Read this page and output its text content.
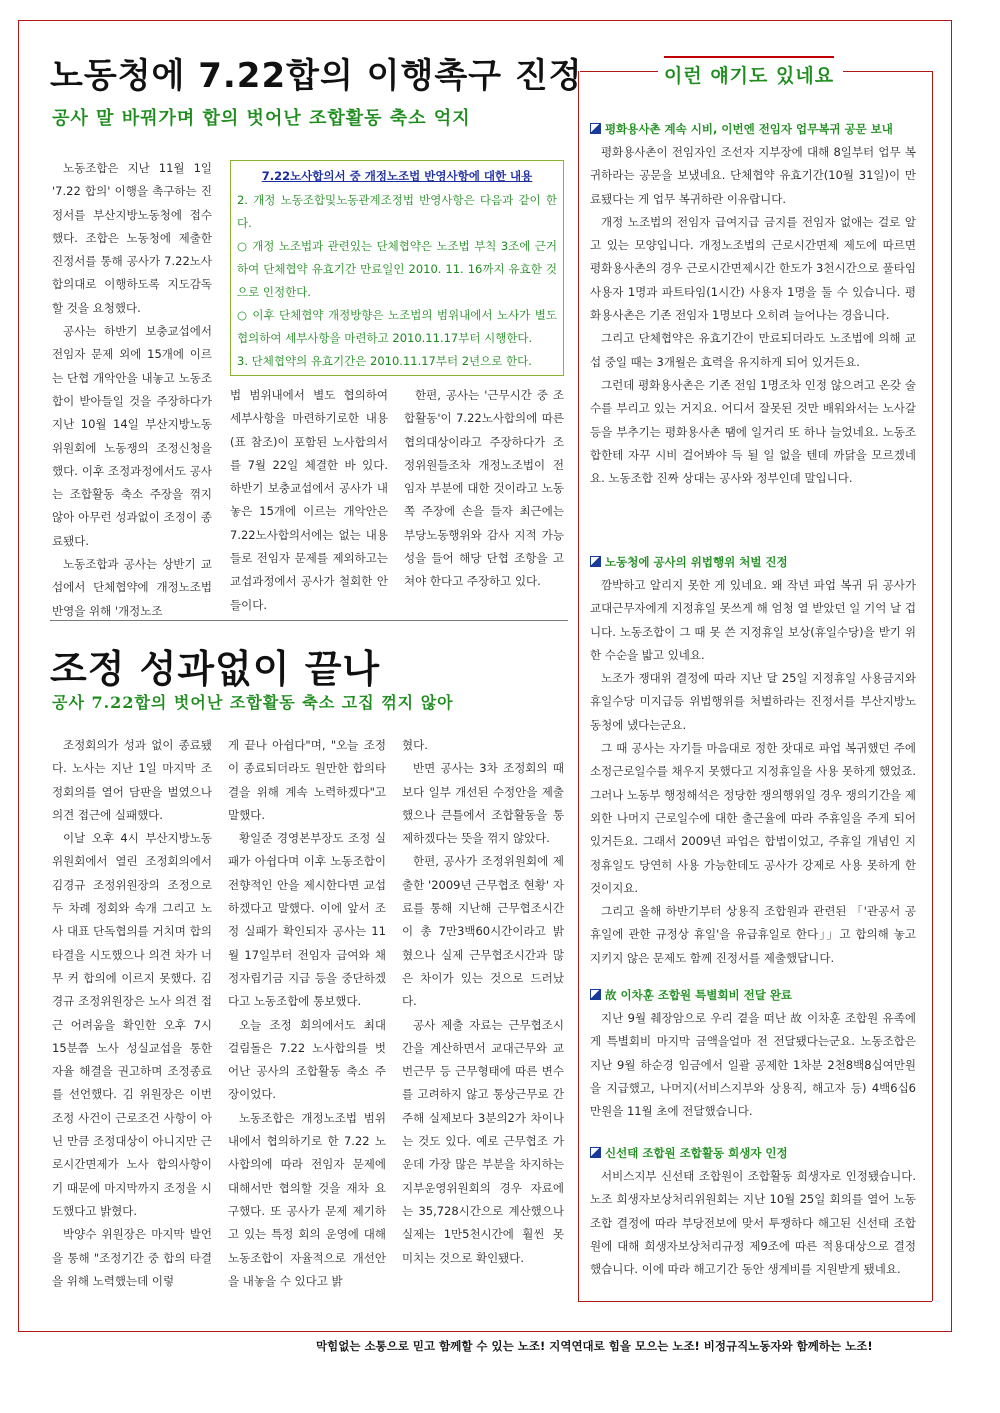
노동청에 7.22합의 이행촉구 진정
공사 말 바꿔가며 합의 벗어난 조합활동 축소 억지

노동조합은 지난 11월 1일 '7.22 합의' 이행을 촉구하는 진정서를 부산지방노동청에 접수했다. 조합은 노동청에 제출한 진정서를 통해 공사가 7.22노사합의대로 이행하도록 지도감독할 것을 요청했다.

공사는 하반기 보충교섭에서 전임자 문제 외에 15개에 이르는 단협 개악안을 내놓고 노동조합이 받아들일 것을 주장하다가 지난 10월 14일 부산지방노동위원회에 노동쟁의 조정신청을 했다. 이후 조정과정에서도 공사는 조합활동 축소 주장을 꺾지 않아 아무런 성과없이 조정이 종료됐다.

노동조합과 공사는 상반기 교섭에서 단체협약에 개정노조법 반영을 위해 '개정노조

7.22노사합의서 중 개정노조법 반영사항에 대한 내용

2. 개정 노동조합및노동관계조정법 반영사항은 다음과 같이 한다.

○ 개정 노조법과 관련있는 단체협약은 노조법 부칙 3조에 근거하여 단체협약 유효기간 만료일인 2010. 11. 16까지 유효한 것으로 인정한다.

○ 이후 단체협약 개정방향은 노조법의 범위내에서 노사가 별도 협의하여 세부사항을 마련하고 2010.11.17부터 시행한다.

3. 단체협약의 유효기간은 2010.11.17부터 2년으로 한다.

법 범위내에서 별도 협의하여 세부사항을 마련하기로한 내용(표 참조)이 포함된 노사합의서를 7월 22일 체결한 바 있다. 하반기 보충교섭에서 공사가 내놓은 15개에 이르는 개악안은 7.22노사합의서에는 없는 내용들로 전임자 문제를 제외하고는 교섭과정에서 공사가 철회한 안들이다.

한편, 공사는 '근무시간 중 조합활동'이 7.22노사합의에 따른 협의대상이라고 주장하다가 조정위원들조차 개정노조법이 전임자 부분에 대한 것이라고 노동쪽 주장에 손을 들자 최근에는 부당노동행위와 감사 지적 가능성을 들어 해당 단협 조항을 고쳐야 한다고 주장하고 있다.

조정 성과없이 끝나
공사 7.22합의 벗어난 조합활동 축소 고집 꺾지 않아

조정회의가 성과 없이 종료됐다. 노사는 지난 1일 마지막 조정회의를 열어 담판을 벌였으나 의견 접근에 실패했다.

이날 오후 4시 부산지방노동위원회에서 열린 조정회의에서 김경규 조정위원장의 조정으로 두 차례 정회와 속개 그리고 노사 대표 단독협의를 거치며 합의 타결을 시도했으나 의견 차가 너무 커 합의에 이르지 못했다. 김경규 조정위원장은 노사 의견 접근 어려움을 확인한 오후 7시 15분쯤 노사 성실교섭을 통한 자율 해결을 권고하며 조정종료를 선언했다. 김 위원장은 이번 조정 사건이 근로조건 사항이 아닌 만큼 조정대상이 아니지만 근로시간면제가 노사 합의사항이기 때문에 마지막까지 조정을 시도했다고 밝혔다.

박양수 위원장은 마지막 발언을 통해 "조정기간 중 합의 타결을 위해 노력했는데 이렇

게 끝나 아쉽다"며, "오늘 조정이 종료되더라도 원만한 합의타결을 위해 계속 노력하겠다"고 말했다.

황일준 경영본부장도 조정 실패가 아쉽다며 이후 노동조합이 전향적인 안을 제시한다면 교섭하겠다고 말했다. 이에 앞서 조정 실패가 확인되자 공사는 11월 17일부터 전임자 급여와 채정자립기금 지급 등을 중단하겠다고 노동조합에 통보했다.

오늘 조정 회의에서도 최대 걸림돌은 7.22 노사합의를 벗어난 공사의 조합활동 축소 주장이었다.

노동조합은 개정노조법 범위 내에서 협의하기로 한 7.22 노사합의에 따라 전임자 문제에 대해서만 협의할 것을 재차 요구했다. 또 공사가 문제 제기하고 있는 특정 회의 운영에 대해 노동조합이 자율적으로 개선안을 내놓을 수 있다고 밝

혔다.

반면 공사는 3차 조정회의 때보다 일부 개선된 수정안을 제출했으나 큰틀에서 조합활동을 통제하겠다는 뜻을 꺾지 않았다.

한편, 공사가 조정위원회에 제출한 '2009년 근무협조 현황' 자료를 통해 지난해 근무협조시간이 총 7만3백60시간이라고 밝혔으나 실제 근무협조시간과 많은 차이가 있는 것으로 드러났다.

공사 제출 자료는 근무협조시간을 계산하면서 교대근무와 교번근무 등 근무형태에 따른 변수를 고려하지 않고 통상근무로 간주해 실제보다 3분의2가 차이나는 것도 있다. 예로 근무협조 가운데 가장 많은 부분을 차지하는 지부운영위원회의 경우 자료에는 35,728시간으로 계산했으나 실제는 1만5천시간에 훨씬 못 미치는 것으로 확인됐다.

이런 얘기도 있네요
평화용사촌 계속 시비, 이번엔 전임자 업무복귀 공문 보내

평화용사촌이 전임자인 조선자 지부장에 대해 8일부터 업무 복귀하라는 공문을 보냈네요. 단체협약 유효기간(10월 31일)이 만료됐다는 게 업무 복귀하란 이유랍니다.

개정 노조법의 전임자 급여지급 금지를 전임자 없애는 걸로 알고 있는 모양입니다. 개정노조법의 근로시간면제 제도에 따르면 평화용사촌의 경우 근로시간면제시간 한도가 3천시간으로 풀타임 사용자 1명과 파트타임(1시간) 사용자 1명을 둘 수 있습니다. 평화용사촌은 기존 전임자 1명보다 오히려 늘어나는 경읍니다.

그리고 단체협약은 유효기간이 만료되더라도 노조법에 의해 교섭 중일 때는 3개월은 효력을 유지하게 되어 있거든요.

그런데 평화용사촌은 기존 전임 1명조차 인정 않으려고 온갖 술수를 부리고 있는 거지요. 어디서 잘못된 것만 배워와서는 노사갈등을 부추기는 평화용사촌 땜에 일거리 또 하나 늘었네요. 노동조합한테 자꾸 시비 걸어봐야 득 될 일 없을 텐데 까닭을 모르겠네요. 노동조합 진짜 상대는 공사와 정부인데 말입니다.

노동청에 공사의 위법행위 처벌 진정

깜박하고 알리지 못한 게 있네요. 왜 작년 파업 복귀 뒤 공사가 교대근무자에게 지정휴일 못쓰게 해 엄청 열 받았던 일 기억 날 겁니다. 노동조합이 그 때 못 쓴 지정휴일 보상(휴일수당)을 받기 위한 수순을 밟고 있네요.

노조가 쟁대위 결정에 따라 지난 달 25일 지정휴일 사용금지와 휴일수당 미지급등 위법행위를 처벌하라는 진정서를 부산지방노동청에 냈다는군요.

그 때 공사는 자기들 마음대로 정한 잣대로 파업 복귀했던 주에 소정근로일수를 채우지 못했다고 지정휴일을 사용 못하게 했었죠. 그러나 노동부 행정해석은 정당한 쟁의행위일 경우 쟁의기간을 제외한 나머지 근로일수에 대한 출근율에 따라 주휴일을 주게 되어 있거든요. 그래서 2009년 파업은 합법이었고, 주휴일 개념인 지정휴일도 당연히 사용 가능한데도 공사가 강제로 사용 못하게 한 것이지요.

그리고 올해 하반기부터 상용직 조합원과 관련된 「'관공서 공휴일에 관한 규정상 휴일'을 유급휴일로 한다」」고 합의해 놓고 지키지 않은 문제도 함께 진정서를 제출했답니다.

故 이차훈 조합원 특별회비 전달 완료

지난 9월 췌장암으로 우리 곁을 떠난 故 이차훈 조합원 유족에게 특별회비 마지막 금액을얼마 전 전달됐다는군요. 노동조합은 지난 9월 하순경 임금에서 일괄 공제한 1차분 2천8백8십여만원을 지급했고, 나머지(서비스지부와 상용직, 해고자 등) 4백6십6만원을 11월 초에 전달했습니다.

신선태 조합원 조합활동 희생자 인정

서비스지부 신선태 조합원이 조합활동 희생자로 인정됐습니다. 노조 희생자보상처리위원회는 지난 10월 25일 회의를 열어 노동조합 결정에 따라 부당전보에 맞서 투쟁하다 해고된 신선태 조합원에 대해 희생자보상처리규정 제9조에 따른 적용대상으로 결정했습니다. 이에 따라 해고기간 동안 생계비를 지원받게 됐네요.

막힘없는 소통으로 믿고 함께할 수 있는 노조! 지역연대로 힘을 모으는 노조! 비정규직노동자와 함께하는 노조!
